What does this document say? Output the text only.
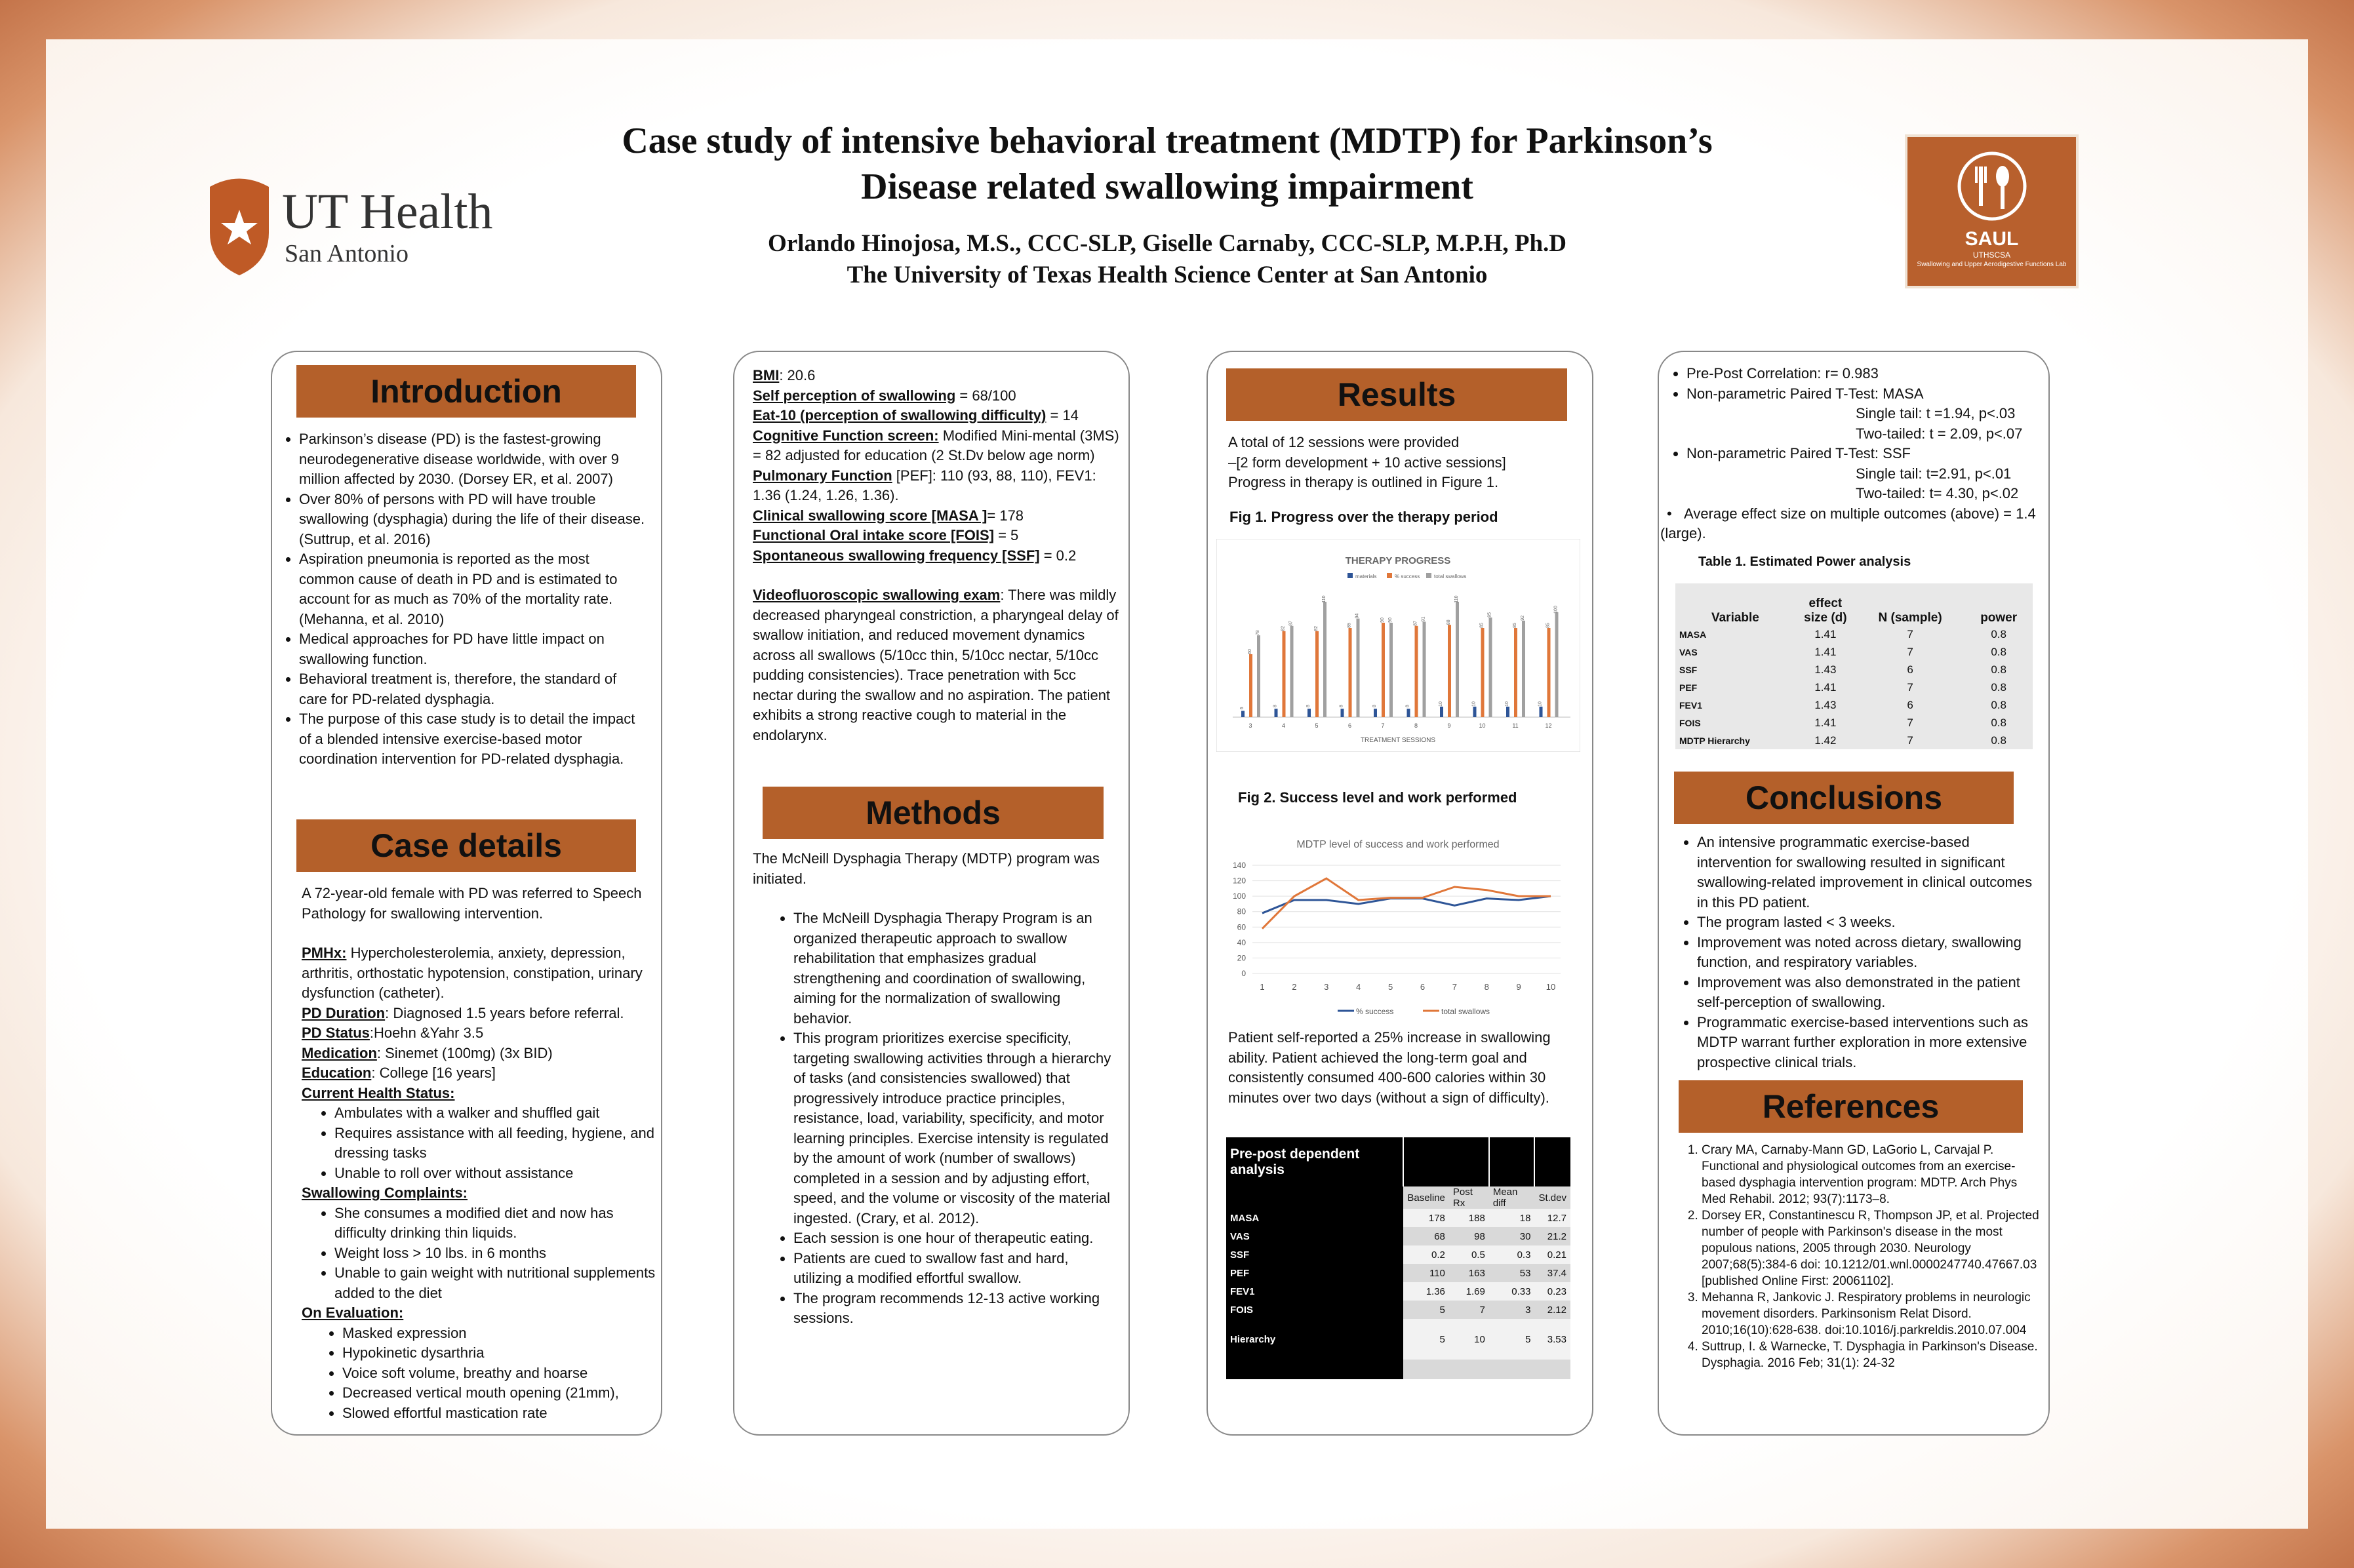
Case study of intensive behavioral treatment (MDTP) for Parkinson’s
Disease related swallowing impairment
Orlando Hinojosa, M.S., CCC-SLP, Giselle Carnaby, CCC-SLP, M.P.H, Ph.D
The University of Texas Health Science Center at San Antonio
UT Health
San Antonio
SAUL
UTHSCSA
Swallowing and Upper Aerodigestive Functions Lab
Introduction
• Parkinson’s disease (PD) is the fastest-growing neurodegenerative disease worldwide, with over 9 million affected by 2030. (Dorsey ER, et al. 2007)
• Over 80% of persons with PD will have trouble swallowing (dysphagia) during the life of their disease. (Suttrup, et al. 2016)
• Aspiration pneumonia is reported as the most common cause of death in PD and is estimated to account for as much as 70% of the mortality rate. (Mehanna, et al. 2010)
• Medical approaches for PD have little impact on swallowing function.
• Behavioral treatment is, therefore, the standard of care for PD-related dysphagia.
• The purpose of this case study is to detail the impact of a blended intensive exercise-based motor coordination intervention for PD-related dysphagia.
Case details
A 72-year-old female with PD was referred to Speech Pathology for swallowing intervention.
PMHx: Hypercholesterolemia, anxiety, depression, arthritis, orthostatic hypotension, constipation, urinary dysfunction (catheter).
PD Duration: Diagnosed 1.5 years before referral.
PD Status:Hoehn &Yahr 3.5
Medication: Sinemet (100mg) (3x BID)
Education: College [16 years]
Current Health Status:
• Ambulates with a walker and shuffled gait
• Requires assistance with all feeding, hygiene, and dressing tasks
• Unable to roll over without assistance
Swallowing Complaints:
• She consumes a modified diet and now has difficulty drinking thin liquids.
• Weight loss > 10 lbs. in 6 months
• Unable to gain weight with nutritional supplements added to the diet
On Evaluation:
• Masked expression
• Hypokinetic dysarthria
• Voice soft volume, breathy and hoarse
• Decreased vertical mouth opening (21mm),
• Slowed effortful mastication rate
BMI: 20.6
Self perception of swallowing = 68/100
Eat-10 (perception of swallowing difficulty) = 14
Cognitive Function screen: Modified Mini-mental (3MS) = 82 adjusted for education (2 St.Dv below age norm)
Pulmonary Function [PEF]: 110 (93, 88, 110), FEV1: 1.36 (1.24, 1.26, 1.36).
Clinical swallowing score [MASA ]= 178
Functional Oral intake score [FOIS] = 5
Spontaneous swallowing frequency [SSF] = 0.2
Videofluoroscopic swallowing exam: There was mildly decreased pharyngeal constriction, a pharyngeal delay of swallow initiation, and reduced movement dynamics across all swallows (5/10cc thin, 5/10cc nectar, 5/10cc pudding consistencies). Trace penetration with 5cc nectar during the swallow and no aspiration. The patient exhibits a strong reactive cough to material in the endolarynx.
Methods
The McNeill Dysphagia Therapy (MDTP) program was initiated.
• The McNeill Dysphagia Therapy Program is an organized therapeutic approach to swallow rehabilitation that emphasizes gradual strengthening and coordination of swallowing, aiming for the normalization of swallowing behavior.
• This program prioritizes exercise specificity, targeting swallowing activities through a hierarchy of tasks (and consistencies swallowed) that progressively introduce practice principles, resistance, load, variability, specificity, and motor learning principles. Exercise intensity is regulated by the amount of work (number of swallows) completed in a session and by adjusting effort, speed, and the volume or viscosity of the material ingested. (Crary, et al. 2012).
• Each session is one hour of therapeutic eating.
• Patients are cued to swallow fast and hard, utilizing a modified effortful swallow.
• The program recommends 12-13 active working sessions.
Results
A total of 12 sessions were provided
–[2 form development + 10 active sessions]
Progress in therapy is outlined in Figure 1.
Fig 1. Progress over the therapy period
THERAPY PROGRESS
materials	% success	total swallows
6
60
78
3
8
82
87
4
8
82
110
5
8
85
94
6
8
90 90
7
8
87
91
8
10
88
110
9
10
85
95
10
10
85
92
11
10
85
100
12
TREATMENT SESSIONS
Fig 2. Success level and work performed
MDTP level of success and work performed
0
20
40
60
80
100
120
140
1	2	3	4	5	6	7	8	9	10
% success	total swallows
Patient self-reported a 25% increase in swallowing ability. Patient achieved the long-term goal and consistently consumed 400-600 calories within 30 minutes over two days (without a sign of difficulty).
Pre-post dependent analysis				
	Baseline	Post Rx	Mean diff	St.dev
MASA	178	188	18	12.7
VAS	68	98	30	21.2
SSF	0.2	0.5	0.3	0.21
PEF	110	163	53	37.4
FEV1	1.36	1.69	0.33	0.23
FOIS	5	7	3	2.12
Hierarchy	5	10	5	3.53

• Pre-Post Correlation: r= 0.983
• Non-parametric Paired T-Test: MASA
Single tail: t =1.94, p<.03
Two-tailed: t = 2.09, p<.07
• Non-parametric Paired T-Test: SSF
Single tail: t=2.91, p<.01
Two-tailed: t= 4.30, p<.02
•   Average effect size on multiple outcomes (above) = 1.4 (large).
Table 1. Estimated Power analysis
Variable	effect size (d)	N (sample)	power
MASA	1.41	7	0.8
VAS	1.41	7	0.8
SSF	1.43	6	0.8
PEF	1.41	7	0.8
FEV1	1.43	6	0.8
FOIS	1.41	7	0.8
MDTP Hierarchy	1.42	7	0.8
Conclusions
• An intensive programmatic exercise-based intervention for swallowing resulted in significant swallowing-related improvement in clinical outcomes in this PD patient.
• The program lasted < 3 weeks.
• Improvement was noted across dietary, swallowing function, and respiratory variables.
• Improvement was also demonstrated in the patient self-perception of swallowing.
• Programmatic exercise-based interventions such as MDTP warrant further exploration in more extensive prospective clinical trials.
References
1. Crary MA, Carnaby-Mann GD, LaGorio L, Carvajal P. Functional and physiological outcomes from an exercise-based dysphagia intervention program: MDTP. Arch Phys Med Rehabil. 2012; 93(7):1173–8.
2. Dorsey ER, Constantinescu R, Thompson JP, et al. Projected number of people with Parkinson's disease in the most populous nations, 2005 through 2030. Neurology 2007;68(5):384-6 doi: 10.1212/01.wnl.0000247740.47667.03 [published Online First: 20061102].
3. Mehanna R, Jankovic J. Respiratory problems in neurologic movement disorders. Parkinsonism Relat Disord. 2010;16(10):628-638. doi:10.1016/j.parkreldis.2010.07.004
4. Suttrup, I. & Warnecke, T. Dysphagia in Parkinson's Disease. Dysphagia. 2016 Feb; 31(1): 24-32
